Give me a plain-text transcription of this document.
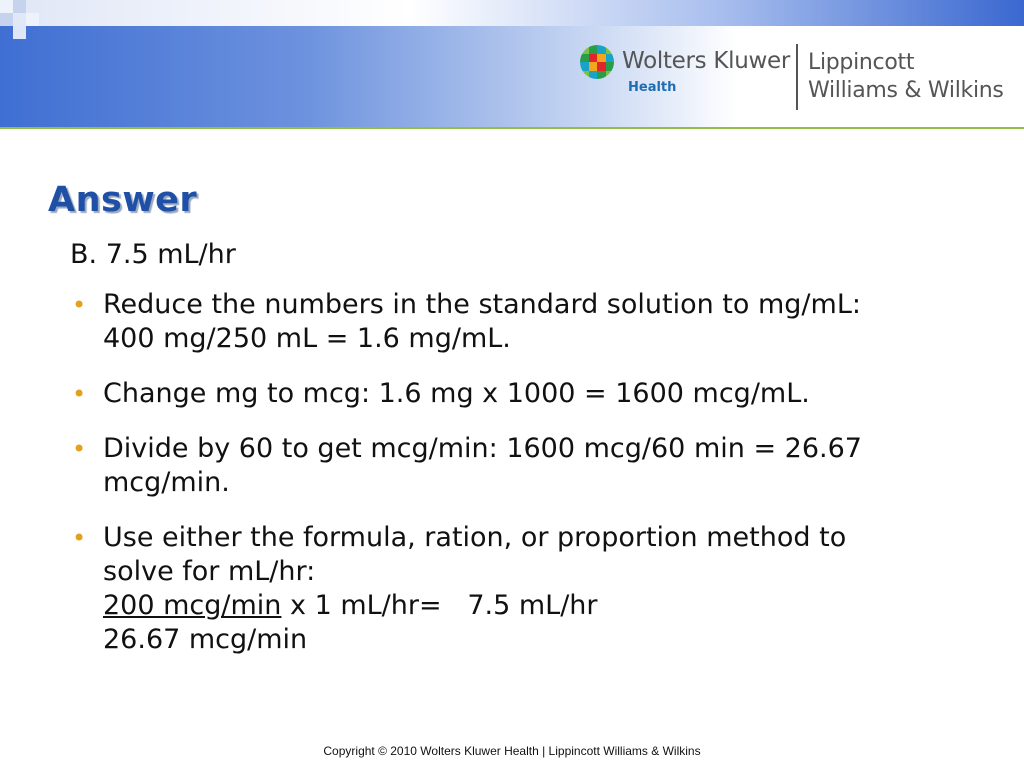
Wolters Kluwer
Health
Lippincott
Williams & Wilkins
Answer
B. 7.5 mL/hr
• Reduce the numbers in the standard solution to mg/mL:
400 mg/250 mL = 1.6 mg/mL.
• Change mg to mcg: 1.6 mg x 1000 = 1600 mcg/mL.
• Divide by 60 to get mcg/min: 1600 mcg/60 min = 26.67
mcg/min.
• Use either the formula, ration, or proportion method to
solve for mL/hr:
200 mcg/min x 1 mL/hr=   7.5 mL/hr
26.67 mcg/min
Copyright © 2010 Wolters Kluwer Health | Lippincott Williams & Wilkins
